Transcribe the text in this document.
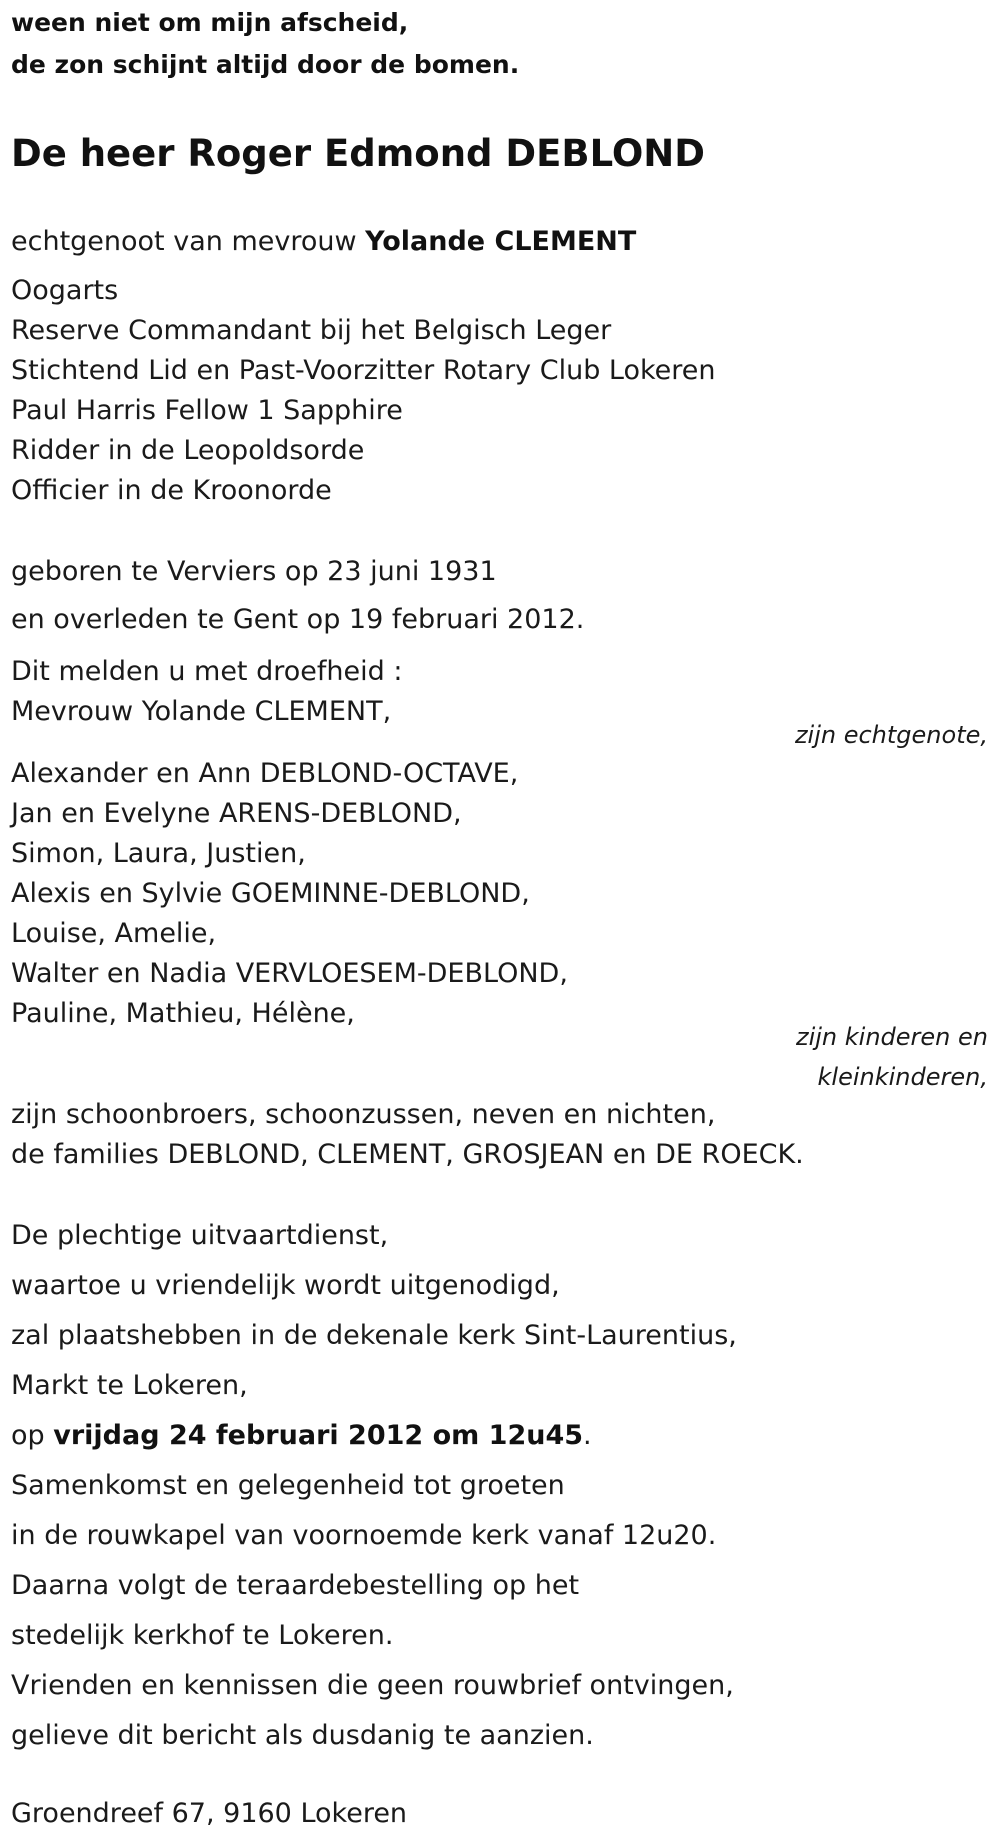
ween niet om mijn afscheid,
de zon schijnt altijd door de bomen.
De heer Roger Edmond DEBLOND
echtgenoot van mevrouw Yolande CLEMENT
Oogarts
Reserve Commandant bij het Belgisch Leger
Stichtend Lid en Past-Voorzitter Rotary Club Lokeren
Paul Harris Fellow 1 Sapphire
Ridder in de Leopoldsorde
Officier in de Kroonorde
geboren te Verviers op 23 juni 1931
en overleden te Gent op 19 februari 2012.
Dit melden u met droefheid :
Mevrouw Yolande CLEMENT,
zijn echtgenote,
Alexander en Ann DEBLOND-OCTAVE,
Jan en Evelyne ARENS-DEBLOND,
Simon, Laura, Justien,
Alexis en Sylvie GOEMINNE-DEBLOND,
Louise, Amelie,
Walter en Nadia VERVLOESEM-DEBLOND,
Pauline, Mathieu, Hélène,
zijn kinderen en
kleinkinderen,
zijn schoonbroers, schoonzussen, neven en nichten,
de families DEBLOND, CLEMENT, GROSJEAN en DE ROECK.
De plechtige uitvaartdienst,
waartoe u vriendelijk wordt uitgenodigd,
zal plaatshebben in de dekenale kerk Sint-Laurentius,
Markt te Lokeren,
op vrijdag 24 februari 2012 om 12u45.
Samenkomst en gelegenheid tot groeten
in de rouwkapel van voornoemde kerk vanaf 12u20.
Daarna volgt de teraardebestelling op het
stedelijk kerkhof te Lokeren.
Vrienden en kennissen die geen rouwbrief ontvingen,
gelieve dit bericht als dusdanig te aanzien.
Groendreef 67, 9160 Lokeren
